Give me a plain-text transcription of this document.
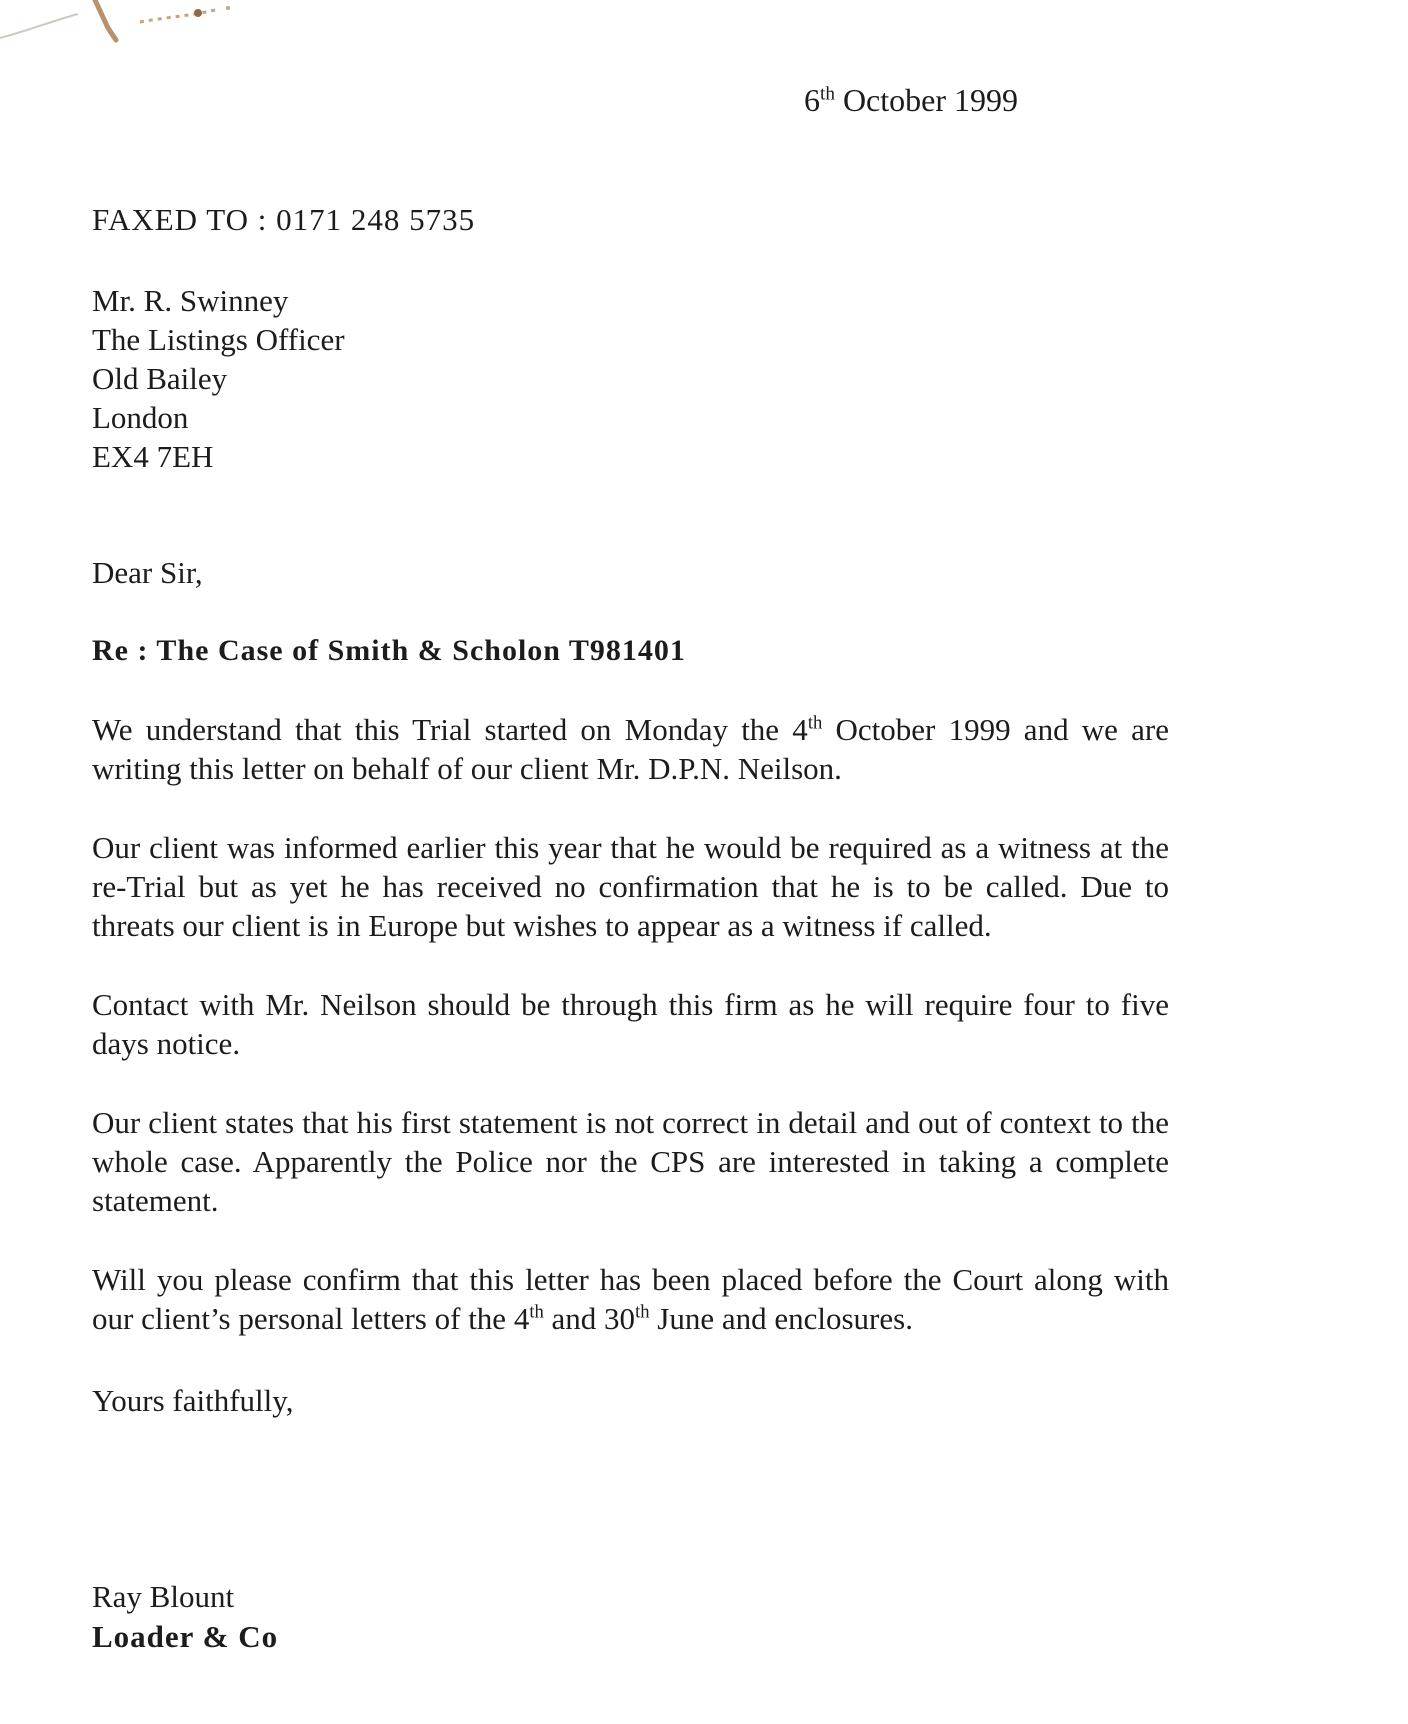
6th October 1999
FAXED TO : 0171 248 5735
Mr. R. Swinney
The Listings Officer
Old Bailey
London
EX4 7EH
Dear Sir,
Re : The Case of Smith & Scholon T981401

We understand that this Trial started on Monday the 4th October 1999 and we are writing this letter on behalf of our client Mr. D.P.N. Neilson.

Our client was informed earlier this year that he would be required as a witness at the re-Trial but as yet he has received no confirmation that he is to be called. Due to threats our client is in Europe but wishes to appear as a witness if called.

Contact with Mr. Neilson should be through this firm as he will require four to five days notice.

Our client states that his first statement is not correct in detail and out of context to the whole case. Apparently the Police nor the CPS are interested in taking a complete statement.

Will you please confirm that this letter has been placed before the Court along with our client’s personal letters of the 4th and 30th June and enclosures.

Yours faithfully,
Ray Blount
Loader & Co
